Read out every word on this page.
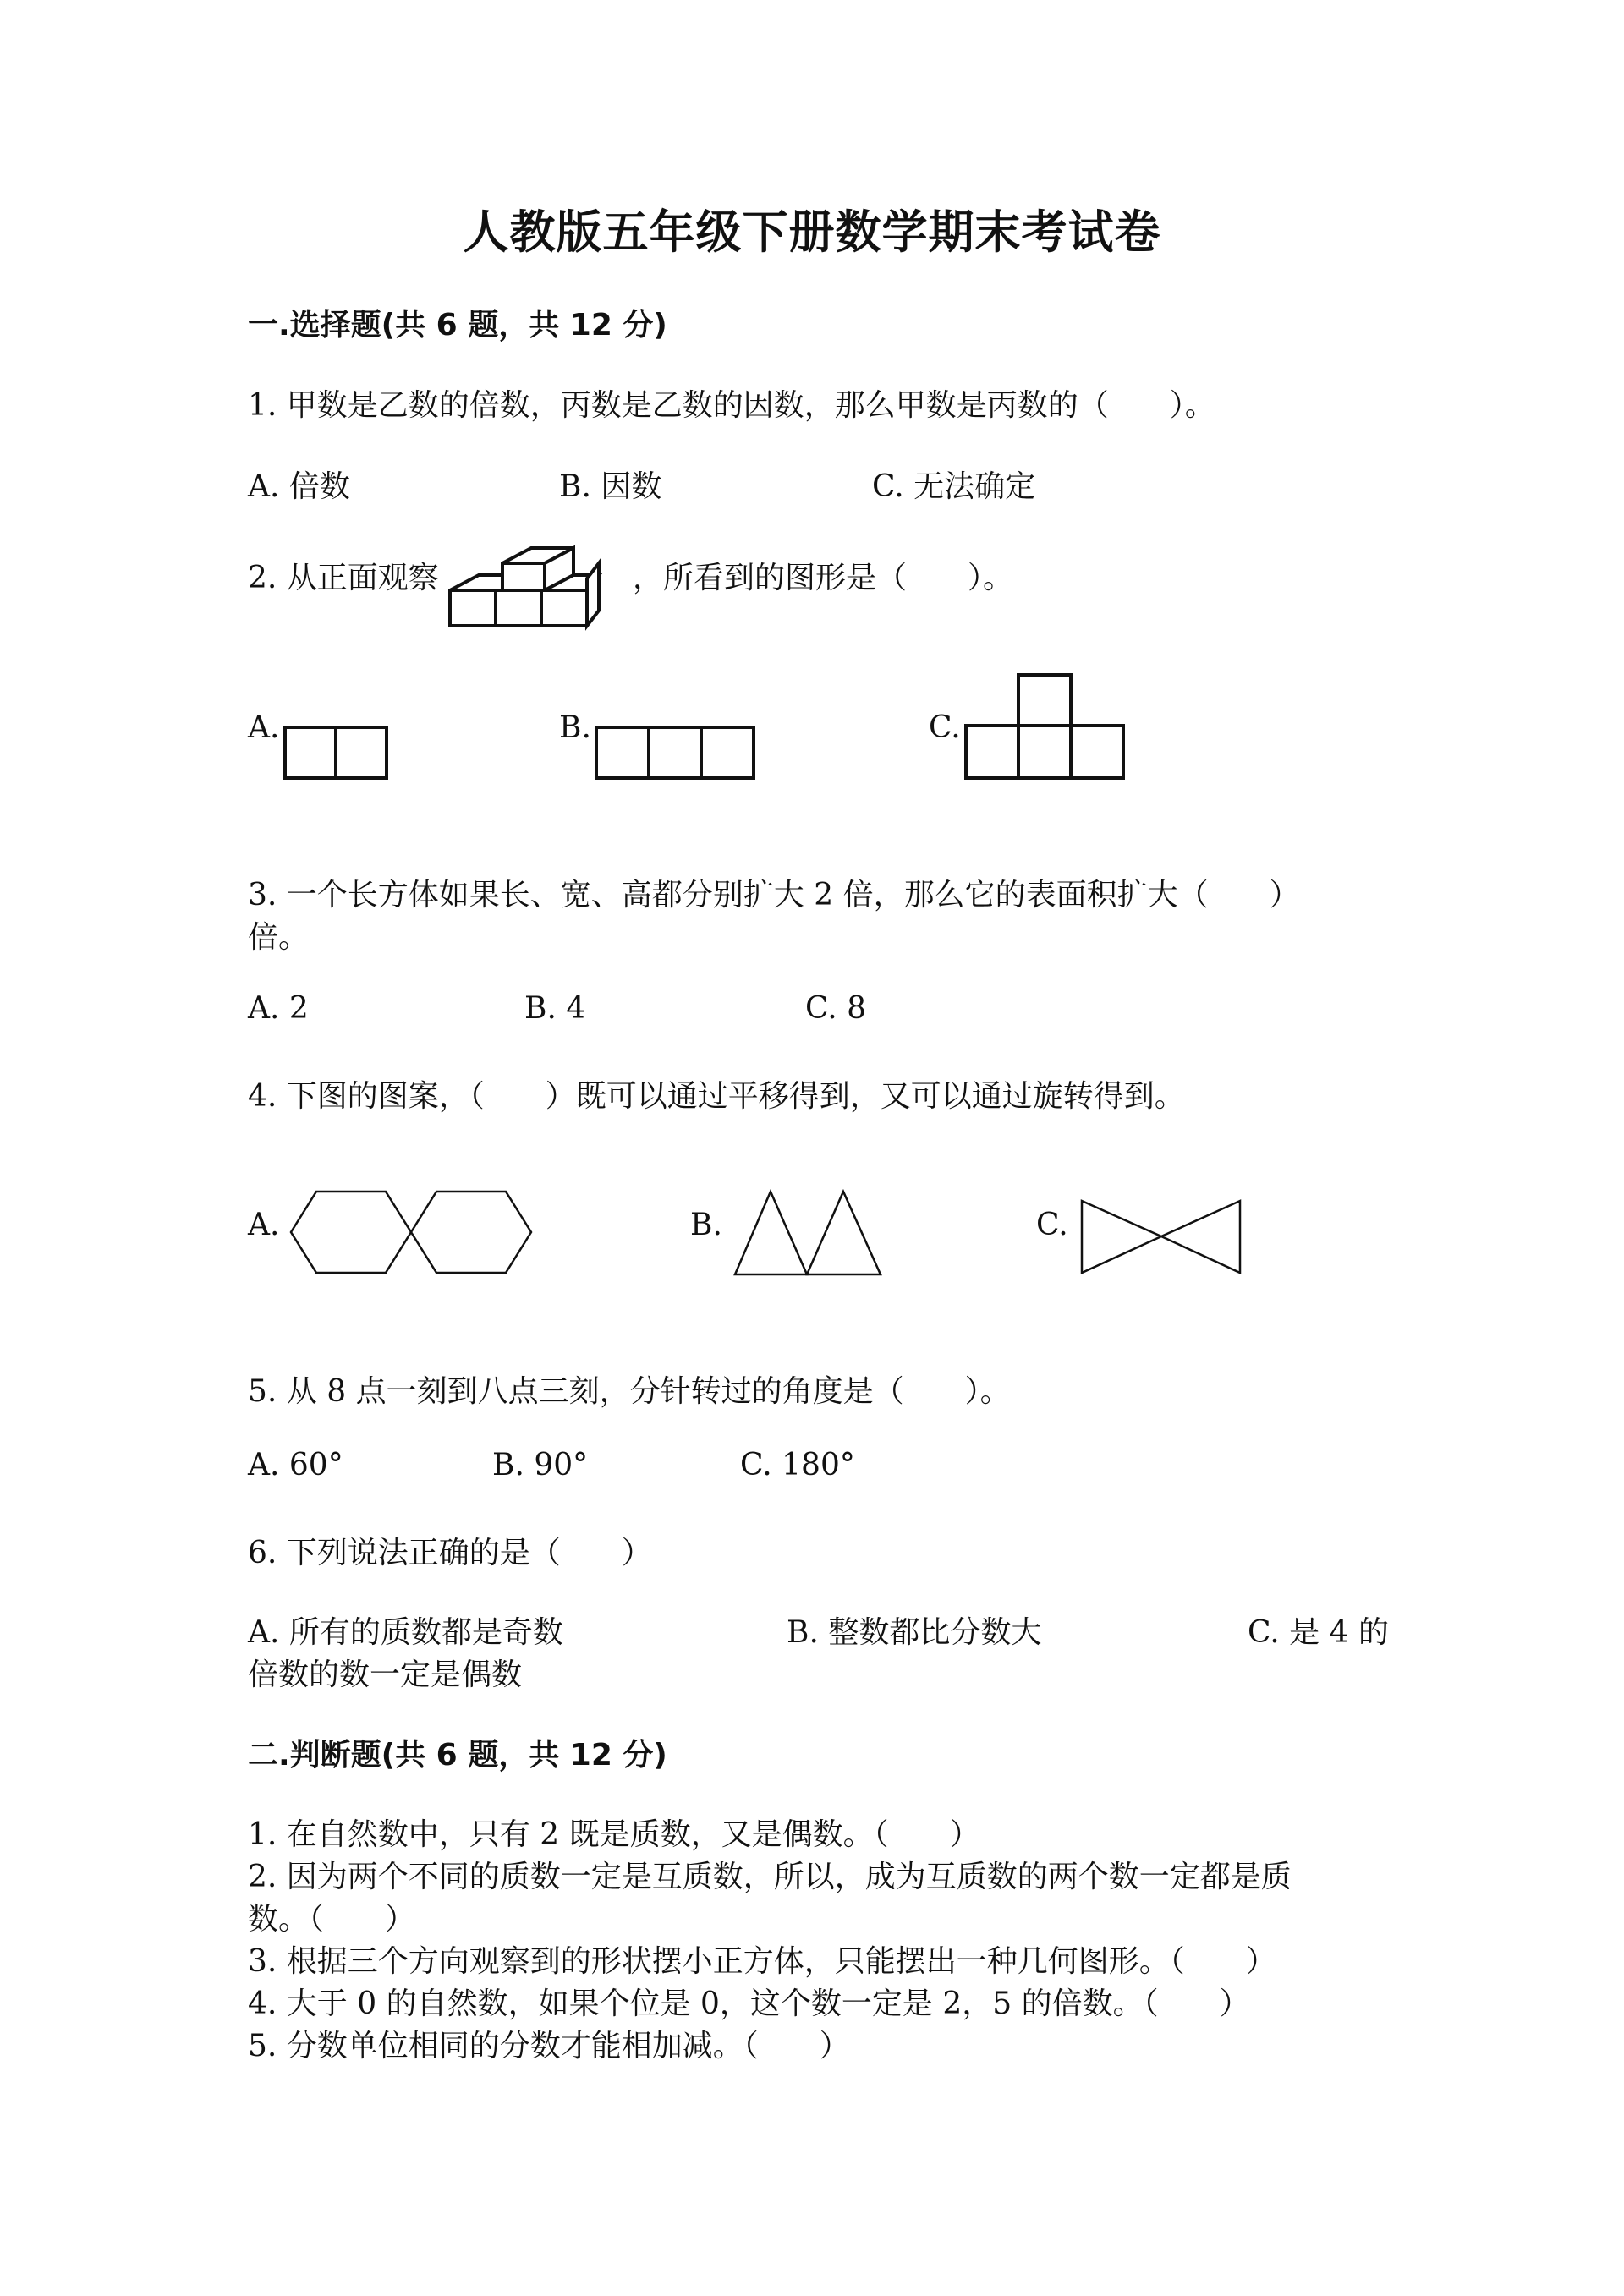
人教版五年级下册数学期末考试卷
一.选择题(共 6 题，共 12 分)
1. 甲数是乙数的倍数，丙数是乙数的因数，那么甲数是丙数的（　　）。
A. 倍数	B. 因数	C. 无法确定
2. 从正面观察	，所看到的图形是（　　）。
A.	B.	C.
3. 一个长方体如果长、宽、高都分别扩大 2 倍，那么它的表面积扩大（　　）
倍。
A. 2	B. 4	C. 8
4. 下图的图案，（　　）既可以通过平移得到，又可以通过旋转得到。
A.	B.	C.
5. 从 8 点一刻到八点三刻，分针转过的角度是（　　）。
A. 60°	B. 90°	C. 180°
6. 下列说法正确的是（　　）
A. 所有的质数都是奇数	B. 整数都比分数大	C. 是 4 的
倍数的数一定是偶数
二.判断题(共 6 题，共 12 分)
1. 在自然数中，只有 2 既是质数，又是偶数。（　　）
2. 因为两个不同的质数一定是互质数，所以，成为互质数的两个数一定都是质
数。（　　）
3. 根据三个方向观察到的形状摆小正方体，只能摆出一种几何图形。（　　）
4. 大于 0 的自然数，如果个位是 0，这个数一定是 2，5 的倍数。（　　）
5. 分数单位相同的分数才能相加减。（　　）
